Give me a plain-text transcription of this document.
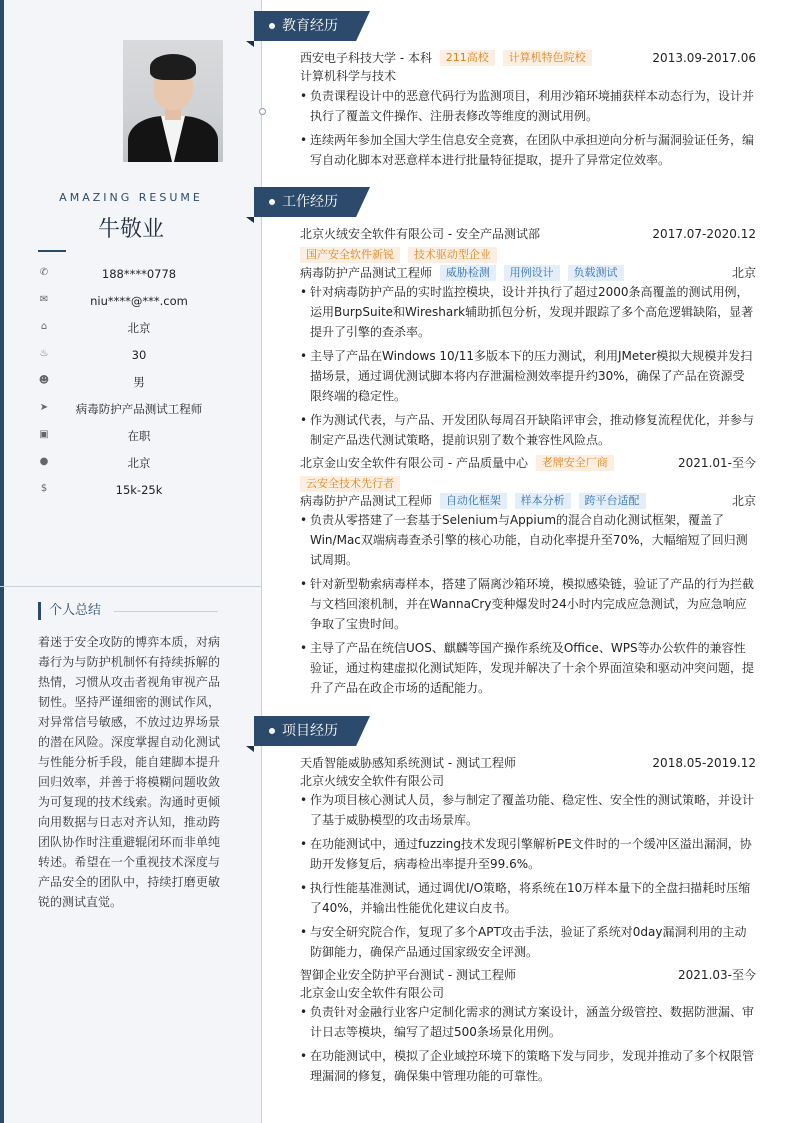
AMAZING RESUME
牛敬业
✆	188****0778
✉	niu****@***.com
⌂	北京
♨	30
☻	男
➤	病毒防护产品测试工程师
▣	在职
●	北京
$	15k-25k
个人总结
着迷于安全攻防的博弈本质，对病毒行为与防护机制怀有持续拆解的热情，习惯从攻击者视角审视产品韧性。坚持严谨细密的测试作风，对异常信号敏感，不放过边界场景的潜在风险。深度掌握自动化测试与性能分析手段，能自建脚本提升回归效率，并善于将模糊问题收敛为可复现的技术线索。沟通时更倾向用数据与日志对齐认知，推动跨团队协作时注重避辊闭环而非单纯转述。希望在一个重视技术深度与产品安全的团队中，持续打磨更敏锐的测试直觉。
教育经历
西安电子科技大学 - 本科 211高校 计算机特色院校	2013.09-2017.06
计算机科学与技术
• 负责课程设计中的恶意代码行为监测项目，利用沙箱环境捕获样本动态行为，设计并执行了覆盖文件操作、注册表修改等维度的测试用例。
• 连续两年参加全国大学生信息安全竞赛，在团队中承担逆向分析与漏洞验证任务，编写自动化脚本对恶意样本进行批量特征提取，提升了异常定位效率。
工作经历
北京火绒安全软件有限公司 - 安全产品测试部	2017.07-2020.12
国产安全软件新锐 技术驱动型企业
病毒防护产品测试工程师 威胁检测 用例设计 负载测试	北京
• 针对病毒防护产品的实时监控模块，设计并执行了超过2000条高覆盖的测试用例，运用BurpSuite和Wireshark辅助抓包分析，发现并跟踪了多个高危逻辑缺陷，显著提升了引擎的查杀率。
• 主导了产品在Windows 10/11多版本下的压力测试，利用JMeter模拟大规模并发扫描场景，通过调优测试脚本将内存泄漏检测效率提升约30%，确保了产品在资源受限终端的稳定性。
• 作为测试代表，与产品、开发团队每周召开缺陷评审会，推动修复流程优化，并参与制定产品迭代测试策略，提前识别了数个兼容性风险点。
北京金山安全软件有限公司 - 产品质量中心 老牌安全厂商	2021.01-至今
云安全技术先行者
病毒防护产品测试工程师 自动化框架 样本分析 跨平台适配	北京
• 负责从零搭建了一套基于Selenium与Appium的混合自动化测试框架，覆盖了Win/Mac双端病毒查杀引擎的核心功能，自动化率提升至70%，大幅缩短了回归测试周期。
• 针对新型勒索病毒样本，搭建了隔离沙箱环境，模拟感染链，验证了产品的行为拦截与文档回滚机制，并在WannaCry变种爆发时24小时内完成应急测试，为应急响应争取了宝贵时间。
• 主导了产品在统信UOS、麒麟等国产操作系统及Office、WPS等办公软件的兼容性验证，通过构建虚拟化测试矩阵，发现并解决了十余个界面渲染和驱动冲突问题，提升了产品在政企市场的适配能力。
项目经历
天盾智能威胁感知系统测试 - 测试工程师	2018.05-2019.12
北京火绒安全软件有限公司
• 作为项目核心测试人员，参与制定了覆盖功能、稳定性、安全性的测试策略，并设计了基于威胁模型的攻击场景库。
• 在功能测试中，通过fuzzing技术发现引擎解析PE文件时的一个缓冲区溢出漏洞，协助开发修复后，病毒检出率提升至99.6%。
• 执行性能基准测试，通过调优I/O策略，将系统在10万样本量下的全盘扫描耗时压缩了40%，并输出性能优化建议白皮书。
• 与安全研究院合作，复现了多个APT攻击手法，验证了系统对0day漏洞利用的主动防御能力，确保产品通过国家级安全评测。
智御企业安全防护平台测试 - 测试工程师	2021.03-至今
北京金山安全软件有限公司
• 负责针对金融行业客户定制化需求的测试方案设计，涵盖分级管控、数据防泄漏、审计日志等模块，编写了超过500条场景化用例。
• 在功能测试中，模拟了企业域控环境下的策略下发与同步，发现并推动了多个权限管理漏洞的修复，确保集中管理功能的可靠性。
